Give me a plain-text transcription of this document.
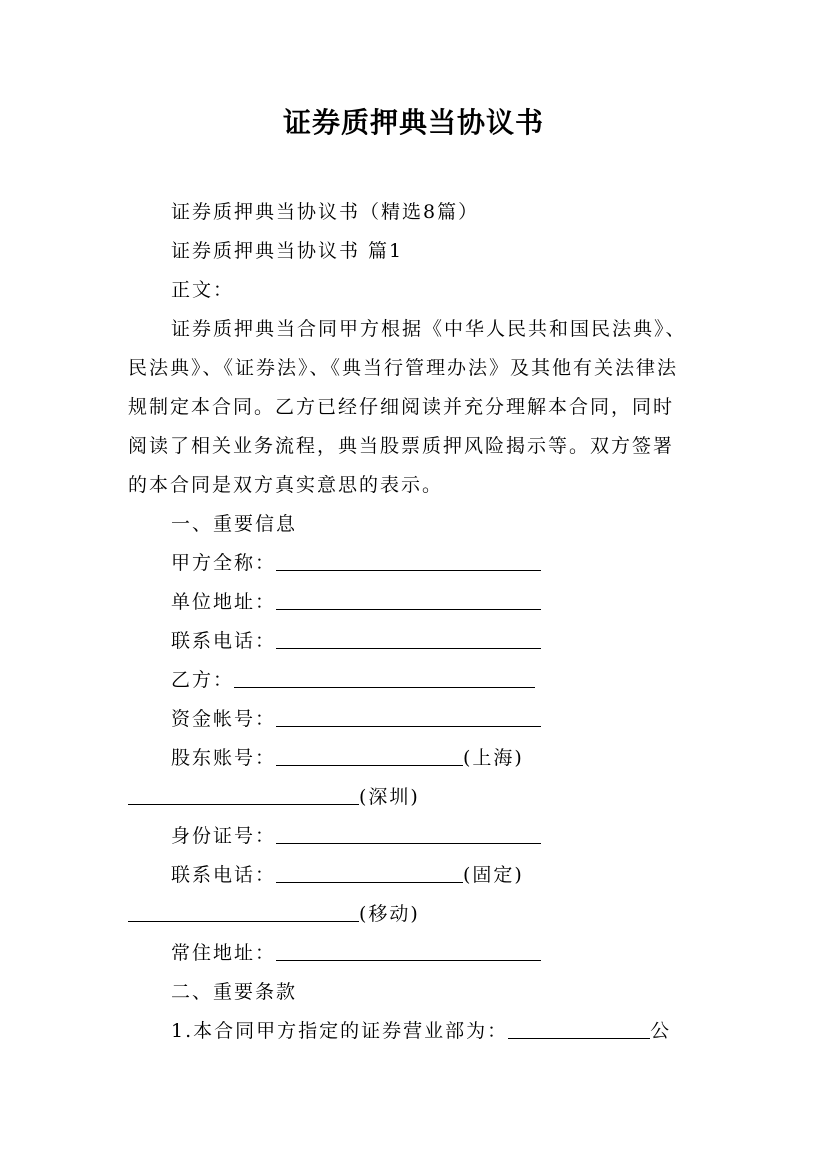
证券质押典当协议书
证券质押典当协议书（精选8篇）
证券质押典当协议书 篇1
正文：
证券质押典当合同甲方根据《中华人民共和国民法典》、
民法典》、《证券法》、《典当行管理办法》及其他有关法律法
规制定本合同。乙方已经仔细阅读并充分理解本合同，同时
阅读了相关业务流程，典当股票质押风险揭示等。双方签署
的本合同是双方真实意思的表示。
一、重要信息
甲方全称：
单位地址：
联系电话：
乙方：
资金帐号：
股东账号：	(上海)
(深圳)
身份证号：
联系电话：	(固定)
(移动)
常住地址：
二、重要条款
1.本合同甲方指定的证券营业部为：	公
